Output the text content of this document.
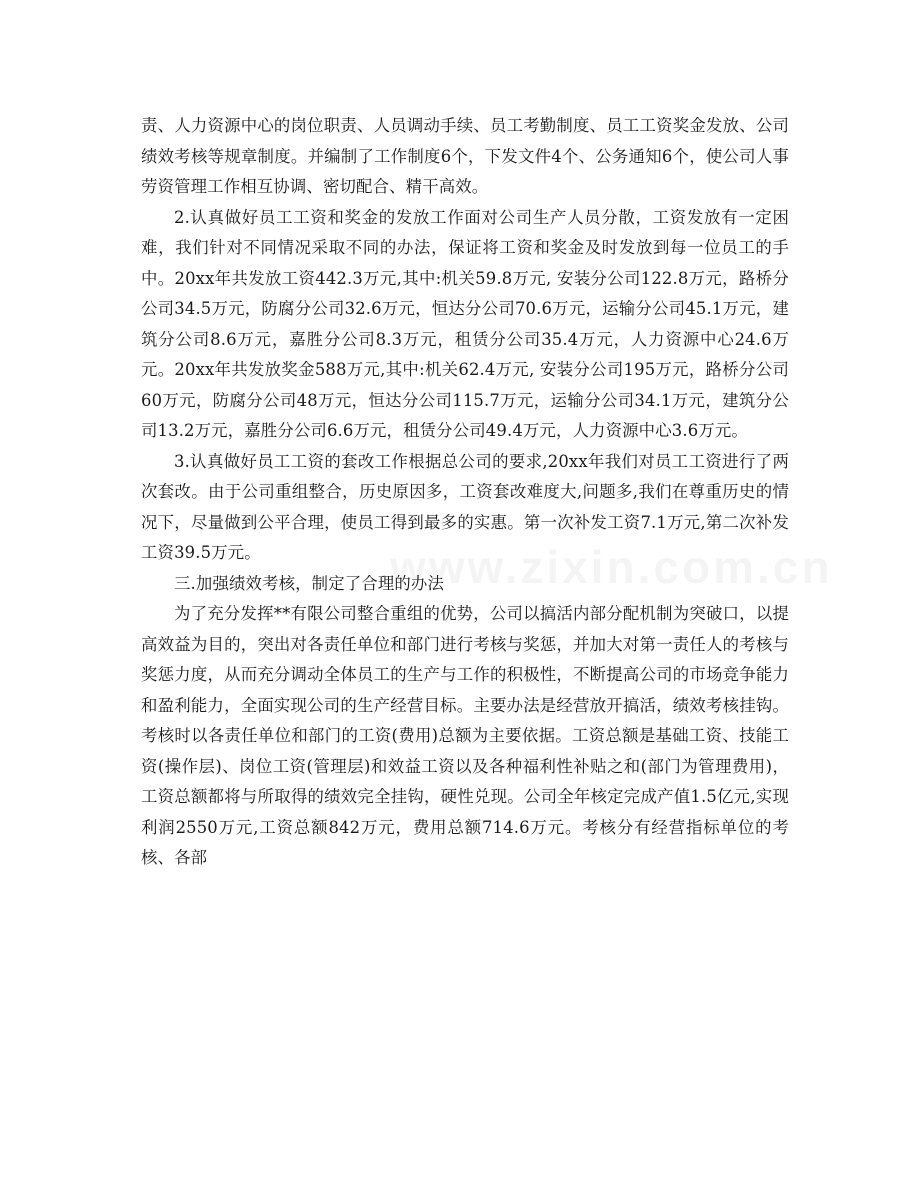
责、人力资源中心的岗位职责、人员调动手续、员工考勤制度、员工工资奖金发放、公司绩效考核等规章制度。并编制了工作制度6个，下发文件4个、公务通知6个，使公司人事劳资管理工作相互协调、密切配合、精干高效。

2.认真做好员工工资和奖金的发放工作面对公司生产人员分散，工资发放有一定困难，我们针对不同情况采取不同的办法，保证将工资和奖金及时发放到每一位员工的手中。20xx年共发放工资442.3万元,其中:机关59.8万元, 安装分公司122.8万元，路桥分公司34.5万元，防腐分公司32.6万元，恒达分公司70.6万元，运输分公司45.1万元，建筑分公司8.6万元，嘉胜分公司8.3万元，租赁分公司35.4万元，人力资源中心24.6万元。20xx年共发放奖金588万元,其中:机关62.4万元, 安装分公司195万元，路桥分公司60万元，防腐分公司48万元，恒达分公司115.7万元，运输分公司34.1万元，建筑分公司13.2万元，嘉胜分公司6.6万元，租赁分公司49.4万元，人力资源中心3.6万元。

3.认真做好员工工资的套改工作根据总公司的要求,20xx年我们对员工工资进行了两次套改。由于公司重组整合，历史原因多，工资套改难度大,问题多,我们在尊重历史的情况下，尽量做到公平合理，使员工得到最多的实惠。第一次补发工资7.1万元,第二次补发工资39.5万元。

三.加强绩效考核，制定了合理的办法

为了充分发挥**有限公司整合重组的优势，公司以搞活内部分配机制为突破口，以提高效益为目的，突出对各责任单位和部门进行考核与奖惩，并加大对第一责任人的考核与奖惩力度，从而充分调动全体员工的生产与工作的积极性，不断提高公司的市场竞争能力和盈利能力，全面实现公司的生产经营目标。主要办法是经营放开搞活，绩效考核挂钩。考核时以各责任单位和部门的工资(费用)总额为主要依据。工资总额是基础工资、技能工资(操作层)、岗位工资(管理层)和效益工资以及各种福利性补贴之和(部门为管理费用)，工资总额都将与所取得的绩效完全挂钩，硬性兑现。公司全年核定完成产值1.5亿元,实现利润2550万元,工资总额842万元，费用总额714.6万元。考核分有经营指标单位的考核、各部
